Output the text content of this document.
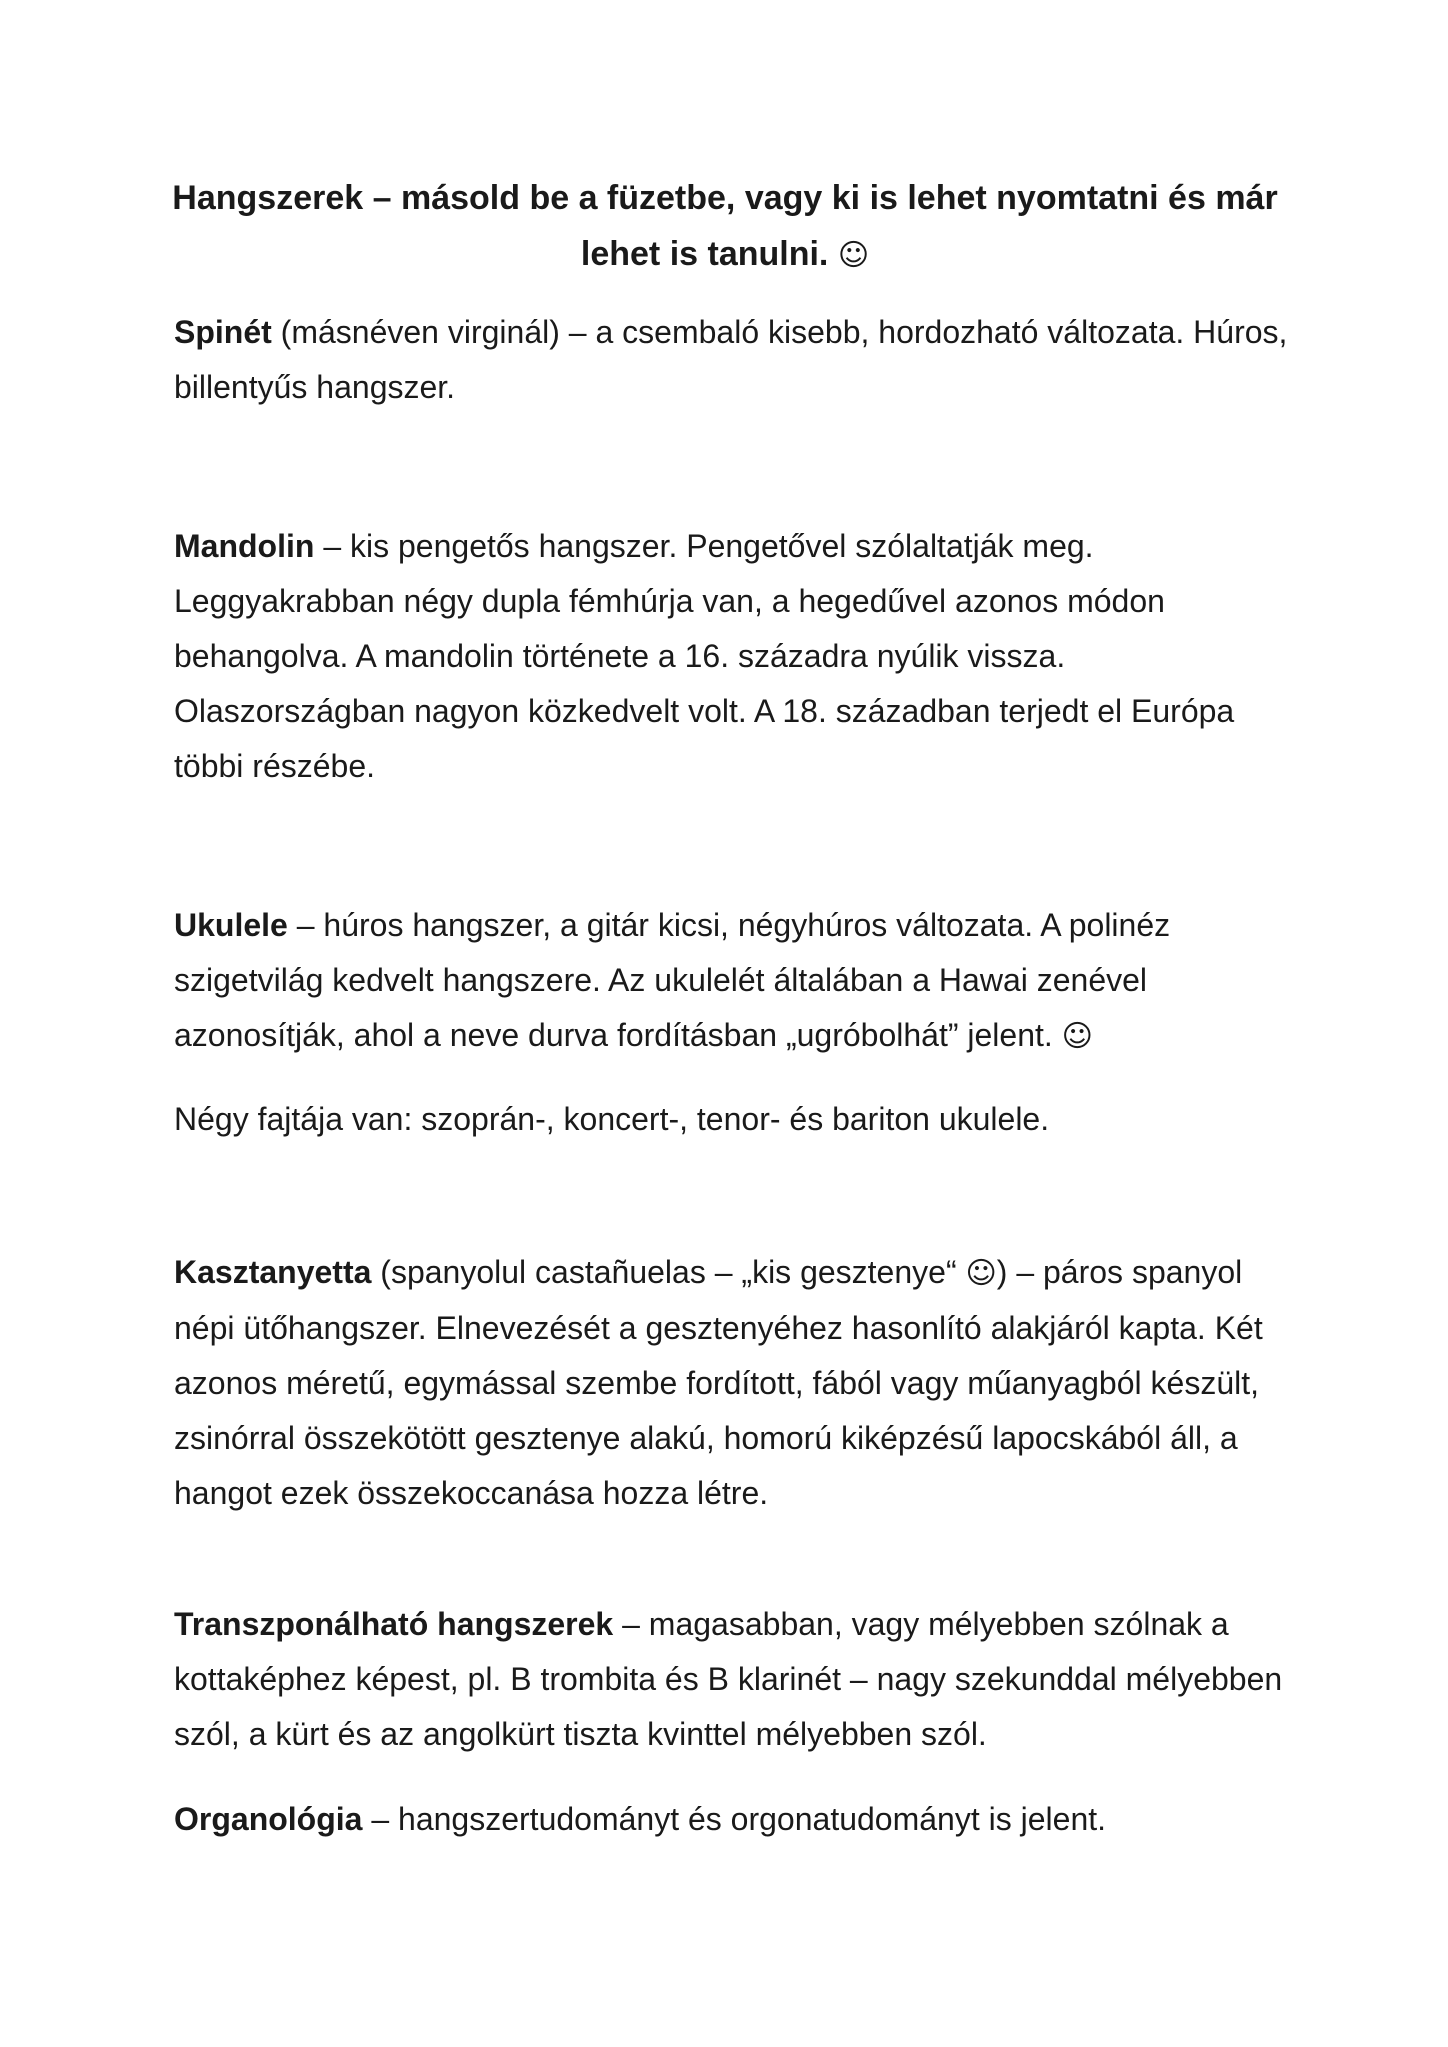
Hangszerek – másold be a füzetbe, vagy ki is lehet nyomtatni és már
lehet is tanulni. ☺

Spinét (másnéven virginál) – a csembaló kisebb, hordozható változata. Húros, billentyűs hangszer.

Mandolin – kis pengetős hangszer. Pengetővel szólaltatják meg. Leggyakrabban négy dupla fémhúrja van, a hegedűvel azonos módon behangolva. A mandolin története a 16. századra nyúlik vissza. Olaszországban nagyon közkedvelt volt. A 18. században terjedt el Európa többi részébe.

Ukulele – húros hangszer, a gitár kicsi, négyhúros változata. A polinéz szigetvilág kedvelt hangszere. Az ukulelét általában a Hawai zenével azonosítják, ahol a neve durva fordításban „ugróbolhát” jelent. ☺

Négy fajtája van: szoprán-, koncert-, tenor- és bariton ukulele.

Kasztanyetta (spanyolul castañuelas – „kis gesztenye“ ☺) – páros spanyol népi ütőhangszer. Elnevezését a gesztenyéhez hasonlító alakjáról kapta. Két azonos méretű, egymással szembe fordított, fából vagy műanyagból készült, zsinórral összekötött gesztenye alakú, homorú kiképzésű lapocskából áll, a hangot ezek összekoccanása hozza létre.

Transzponálható hangszerek – magasabban, vagy mélyebben szólnak a kottaképhez képest, pl. B trombita és B klarinét – nagy szekunddal mélyebben szól, a kürt és az angolkürt tiszta kvinttel mélyebben szól.

Organológia – hangszertudományt és orgonatudományt is jelent.
